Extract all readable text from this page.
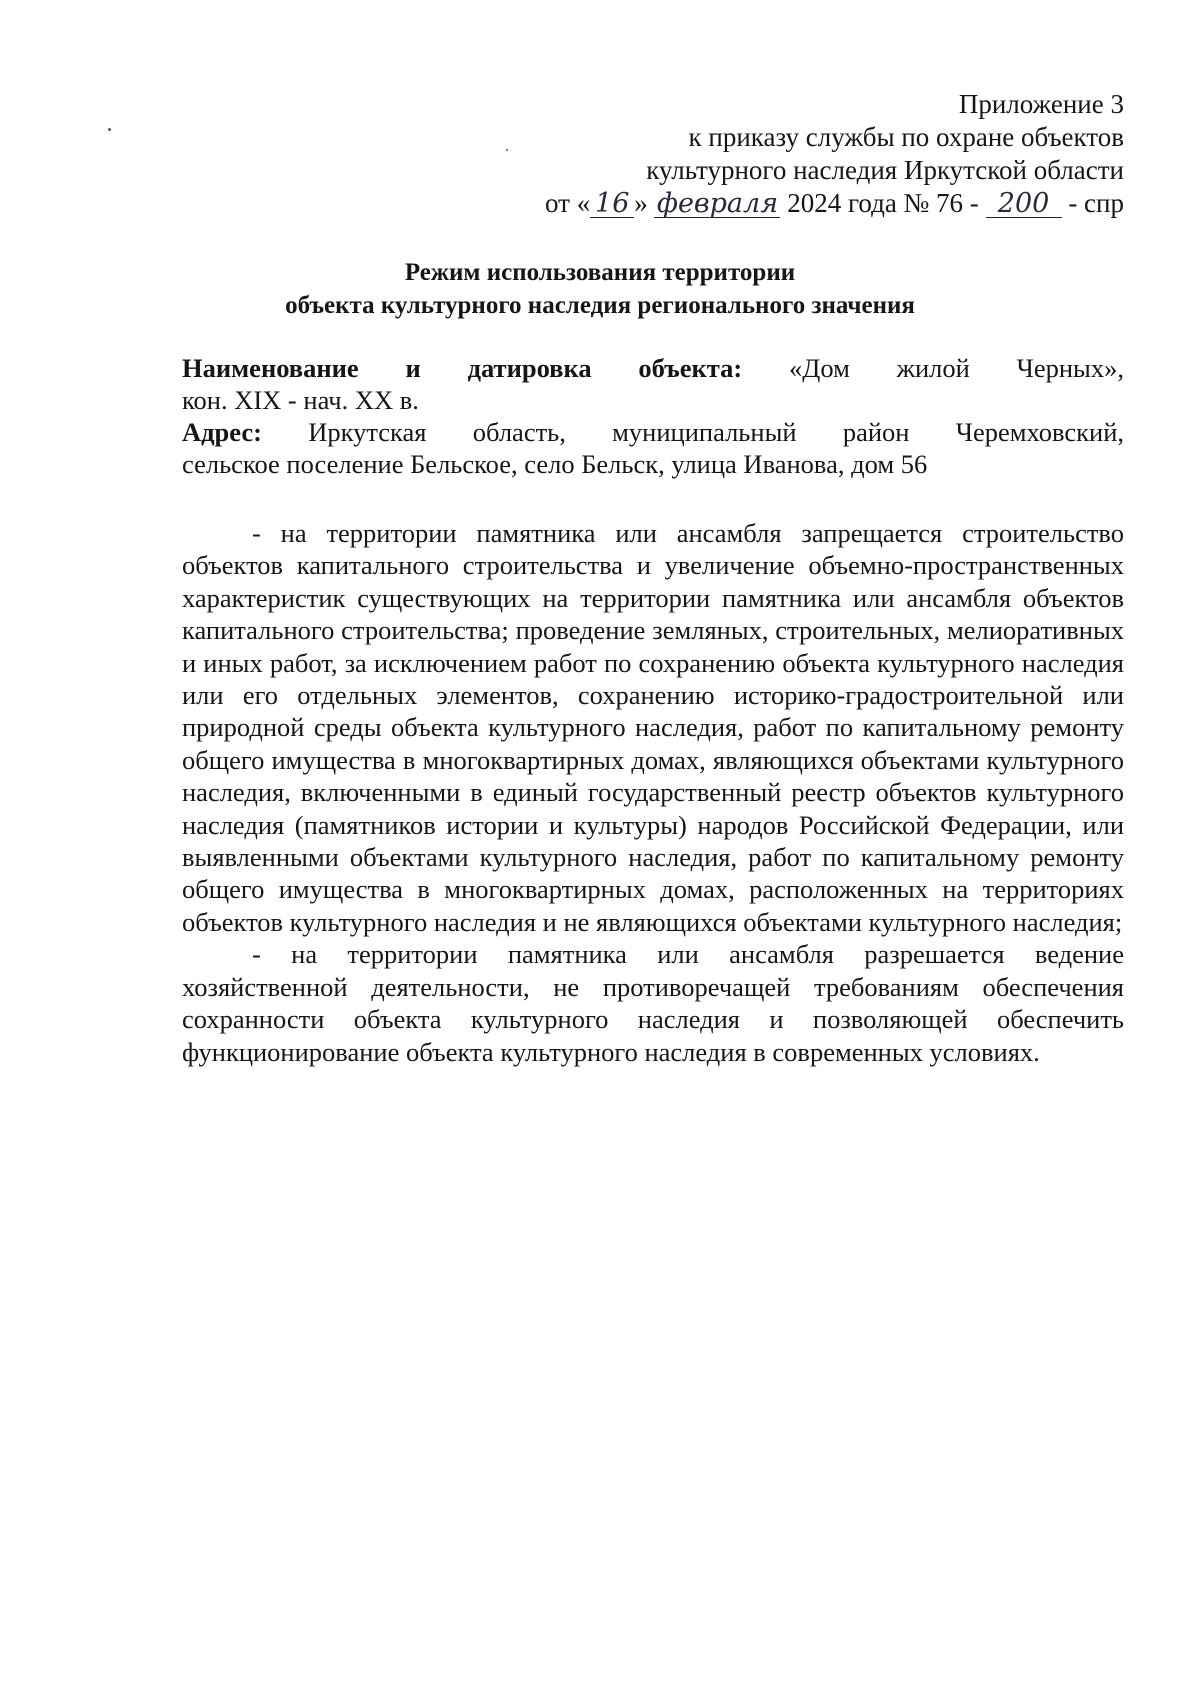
Приложение 3
к приказу службы по охране объектов
культурного наследия Иркутской области
от « 16 » февраля 2024 года № 76 - 200 - спр
Режим использования территории
объекта культурного наследия регионального значения
Наименование и датировка объекта: «Дом жилой Черных»,
кон. XIX - нач. XX в.
Адрес: Иркутская область, муниципальный район Черемховский,
сельское поселение Бельское, село Бельск, улица Иванова, дом 56

- на территории памятника или ансамбля запрещается строительство объектов капитального строительства и увеличение объемно-пространственных характеристик существующих на территории памятника или ансамбля объектов капитального строительства; проведение земляных, строительных, мелиоративных и иных работ, за исключением работ по сохранению объекта культурного наследия или его отдельных элементов, сохранению историко-градостроительной или природной среды объекта культурного наследия, работ по капитальному ремонту общего имущества в многоквартирных домах, являющихся объектами культурного наследия, включенными в единый государственный реестр объектов культурного наследия (памятников истории и культуры) народов Российской Федерации, или выявленными объектами культурного наследия, работ по капитальному ремонту общего имущества в многоквартирных домах, расположенных на территориях объектов культурного наследия и не являющихся объектами культурного наследия;

- на территории памятника или ансамбля разрешается ведение хозяйственной деятельности, не противоречащей требованиям обеспечения сохранности объекта культурного наследия и позволяющей обеспечить функционирование объекта культурного наследия в современных условиях.
